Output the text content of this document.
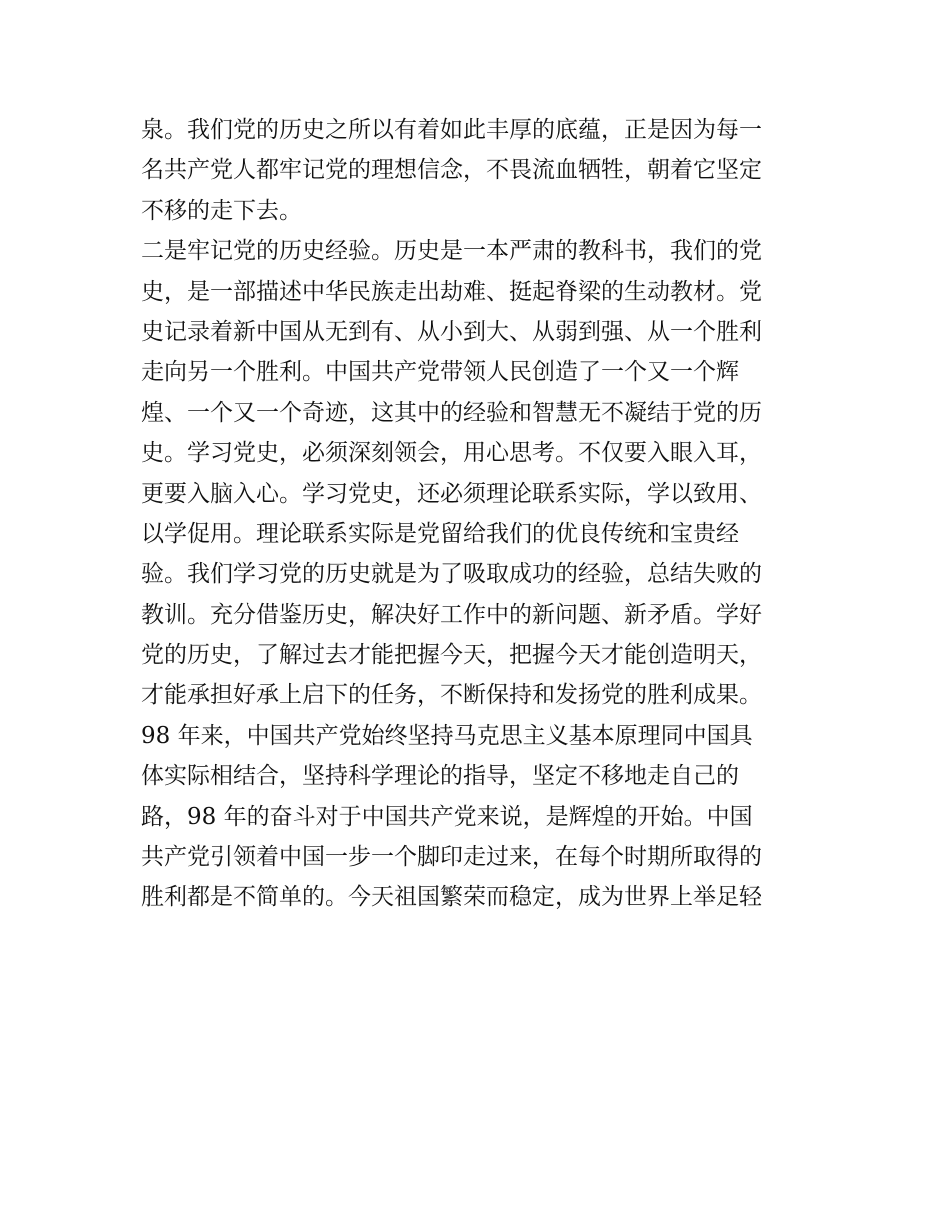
泉。我们党的历史之所以有着如此丰厚的底蕴，正是因为每一
名共产党人都牢记党的理想信念，不畏流血牺牲，朝着它坚定
不移的走下去。
二是牢记党的历史经验。历史是一本严肃的教科书，我们的党
史，是一部描述中华民族走出劫难、挺起脊梁的生动教材。党
史记录着新中国从无到有、从小到大、从弱到强、从一个胜利
走向另一个胜利。中国共产党带领人民创造了一个又一个辉
煌、一个又一个奇迹，这其中的经验和智慧无不凝结于党的历
史。学习党史，必须深刻领会，用心思考。不仅要入眼入耳，
更要入脑入心。学习党史，还必须理论联系实际，学以致用、
以学促用。理论联系实际是党留给我们的优良传统和宝贵经
验。我们学习党的历史就是为了吸取成功的经验，总结失败的
教训。充分借鉴历史，解决好工作中的新问题、新矛盾。学好
党的历史，了解过去才能把握今天，把握今天才能创造明天，
才能承担好承上启下的任务，不断保持和发扬党的胜利成果。
98 年来，中国共产党始终坚持马克思主义基本原理同中国具
体实际相结合，坚持科学理论的指导，坚定不移地走自己的
路，98 年的奋斗对于中国共产党来说，是辉煌的开始。中国
共产党引领着中国一步一个脚印走过来，在每个时期所取得的
胜利都是不简单的。今天祖国繁荣而稳定，成为世界上举足轻
